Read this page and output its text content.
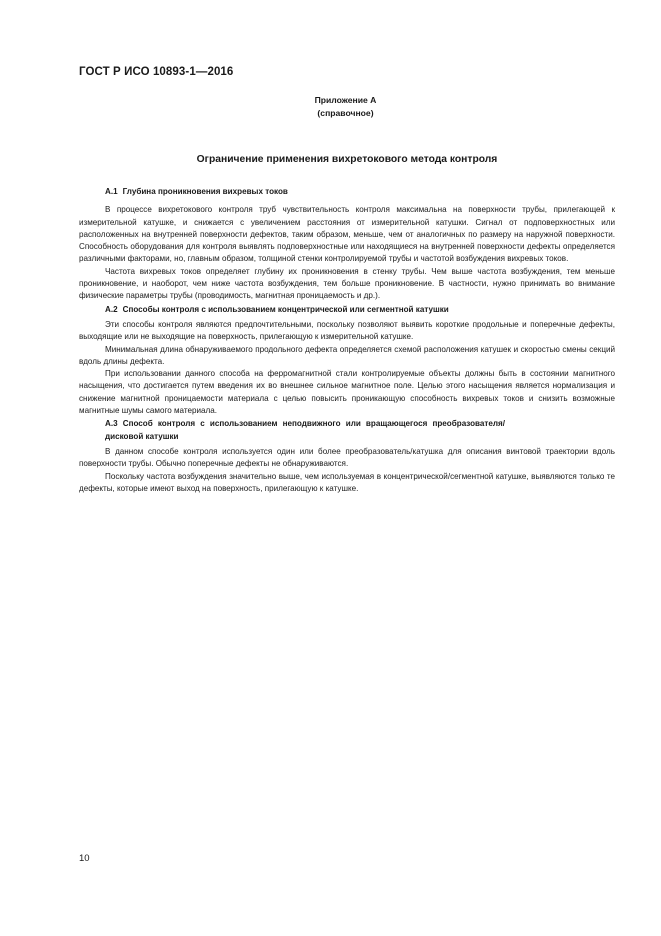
ГОСТ Р ИСО 10893-1—2016
Приложение А
(справочное)
Ограничение применения вихретокового метода контроля
А.1 Глубина проникновения вихревых токов

В процессе вихретокового контроля труб чувствительность контроля максимальна на поверхности трубы, прилегающей к измерительной катушке, и снижается с увеличением расстояния от измерительной катушки. Сигнал от подповерхностных или расположенных на внутренней поверхности дефектов, таким образом, меньше, чем от аналогичных по размеру на наружной поверхности. Способность оборудования для контроля выявлять подповерхностные или находящиеся на внутренней поверхности дефекты определяется различными факторами, но, главным образом, толщиной стенки контролируемой трубы и частотой возбуждения вихревых токов.

Частота вихревых токов определяет глубину их проникновения в стенку трубы. Чем выше частота возбуждения, тем меньше проникновение, и наоборот, чем ниже частота возбуждения, тем больше проникновение. В частности, нужно принимать во внимание физические параметры трубы (проводимость, магнитная проницаемость и др.).

А.2 Способы контроля с использованием концентрической или сегментной катушки

Эти способы контроля являются предпочтительными, поскольку позволяют выявить короткие продольные и поперечные дефекты, выходящие или не выходящие на поверхность, прилегающую к измерительной катушке.

Минимальная длина обнаруживаемого продольного дефекта определяется схемой расположения катушек и скоростью смены секций вдоль длины дефекта.

При использовании данного способа на ферромагнитной стали контролируемые объекты должны быть в состоянии магнитного насыщения, что достигается путем введения их во внешнее сильное магнитное поле. Целью этого насыщения является нормализация и снижение магнитной проницаемости материала с целью повысить проникающую способность вихревых токов и снизить возможные магнитные шумы самого материала.

А.3 Способ контроля с использованием неподвижного или вращающегося преобразователя/дисковой катушки

В данном способе контроля используется один или более преобразователь/катушка для описания винтовой траектории вдоль поверхности трубы. Обычно поперечные дефекты не обнаруживаются.

Поскольку частота возбуждения значительно выше, чем используемая в концентрической/сегментной катушке, выявляются только те дефекты, которые имеют выход на поверхность, прилегающую к катушке.

10
